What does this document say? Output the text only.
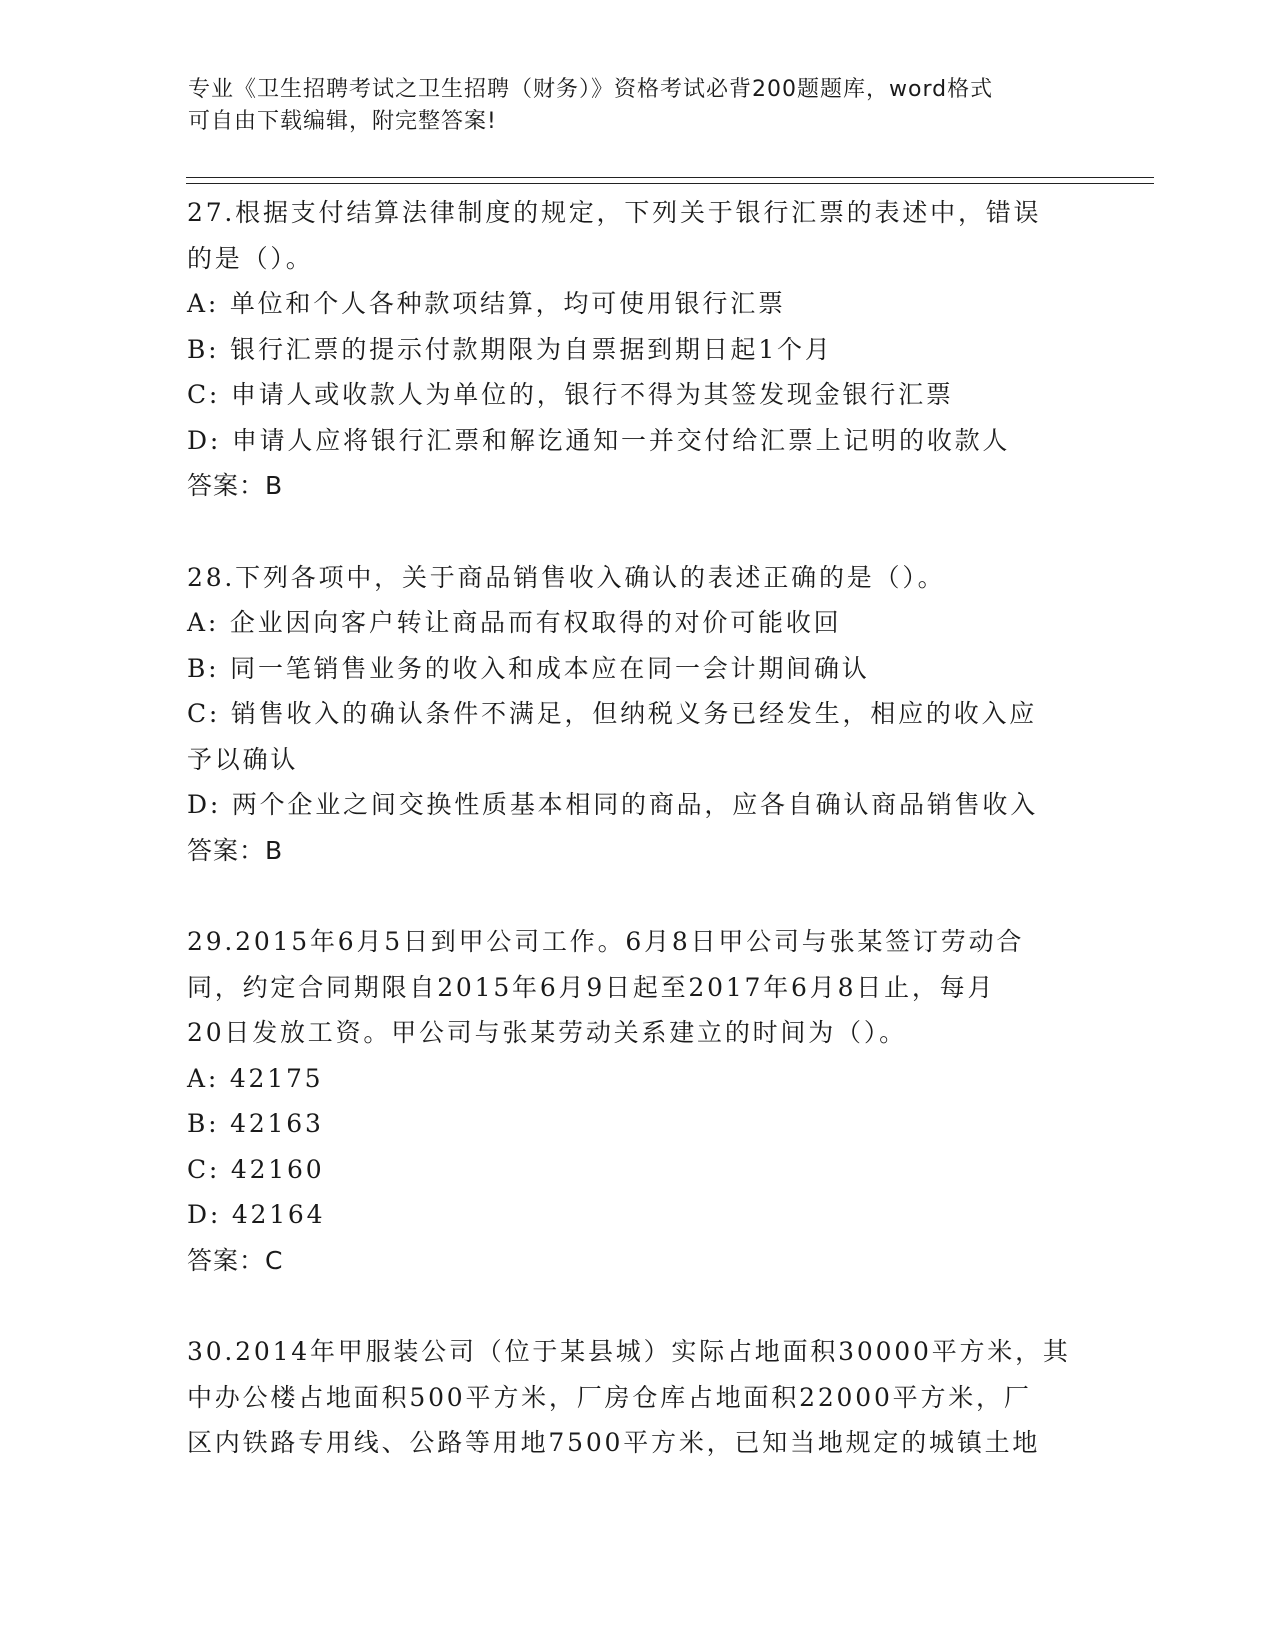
专业《卫生招聘考试之卫生招聘（财务）》资格考试必背200题题库，word格式
可自由下载编辑，附完整答案!
27.根据支付结算法律制度的规定，下列关于银行汇票的表述中，错误
的是（）。
A: 单位和个人各种款项结算，均可使用银行汇票
B: 银行汇票的提示付款期限为自票据到期日起1个月
C: 申请人或收款人为单位的，银行不得为其签发现金银行汇票
D: 申请人应将银行汇票和解讫通知一并交付给汇票上记明的收款人
答案：B
28.下列各项中，关于商品销售收入确认的表述正确的是（）。
A: 企业因向客户转让商品而有权取得的对价可能收回
B: 同一笔销售业务的收入和成本应在同一会计期间确认
C: 销售收入的确认条件不满足，但纳税义务已经发生，相应的收入应
予以确认
D: 两个企业之间交换性质基本相同的商品，应各自确认商品销售收入
答案：B
29.2015年6月5日到甲公司工作。6月8日甲公司与张某签订劳动合
同，约定合同期限自2015年6月9日起至2017年6月8日止，每月
20日发放工资。甲公司与张某劳动关系建立的时间为（）。
A: 42175
B: 42163
C: 42160
D: 42164
答案：C
30.2014年甲服装公司（位于某县城）实际占地面积30000平方米，其
中办公楼占地面积500平方米，厂房仓库占地面积22000平方米，厂
区内铁路专用线、公路等用地7500平方米，已知当地规定的城镇土地
